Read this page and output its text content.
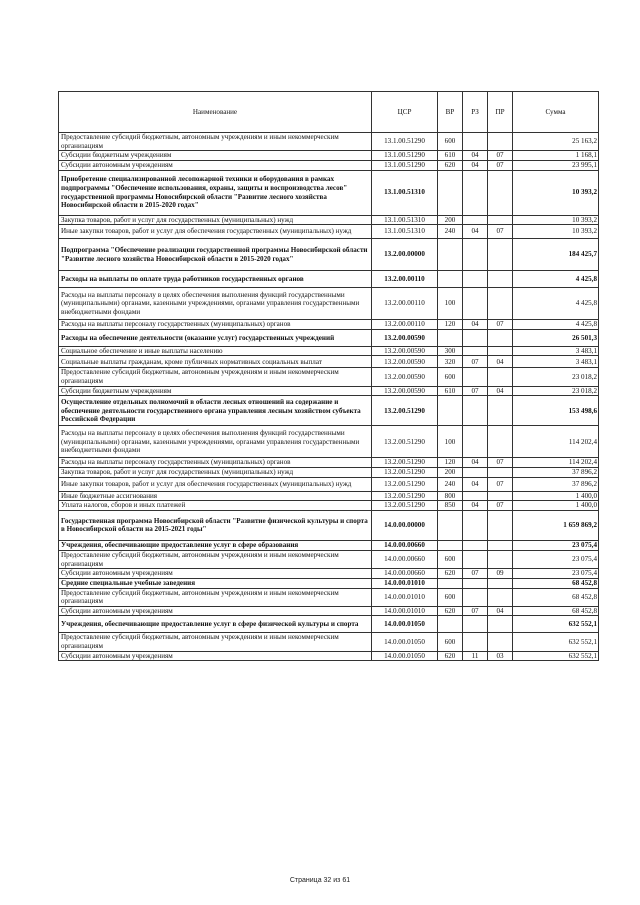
Наименование	ЦСР	ВР	РЗ	ПР	Сумма
Предоставление субсидий бюджетным, автономным учреждениям и иным некоммерческим организациям	13.1.00.51290	600			25 163,2
Субсидии бюджетным учреждениям	13.1.00.51290	610	04	07	1 168,1
Субсидии автономным учреждениям	13.1.00.51290	620	04	07	23 995,1
Приобретение специализированной лесопожарной техники и оборудования в рамках подпрограммы "Обеспечение использования, охраны, защиты и воспроизводства лесов" государственной программы Новосибирской области "Развитие лесного хозяйства Новосибирской области в 2015-2020 годах"	13.1.00.51310				10 393,2
Закупка товаров, работ и услуг для государственных (муниципальных) нужд	13.1.00.51310	200			10 393,2
Иные закупки товаров, работ и услуг для обеспечения государственных (муниципальных) нужд	13.1.00.51310	240	04	07	10 393,2
Подпрограмма "Обеспечение реализации государственной программы Новосибирской области "Развитие лесного хозяйства Новосибирской области в 2015-2020 годах"	13.2.00.00000				184 425,7
Расходы на выплаты по оплате труда работников государственных органов	13.2.00.00110				4 425,8
Расходы на выплаты персоналу в целях обеспечения выполнения функций государственными (муниципальными) органами, казенными учреждениями, органами управления государственными внебюджетными фондами	13.2.00.00110	100			4 425,8
Расходы на выплаты персоналу государственных (муниципальных) органов	13.2.00.00110	120	04	07	4 425,8
Расходы на обеспечение деятельности (оказание услуг) государственных учреждений	13.2.00.00590				26 501,3
Социальное обеспечение и иные выплаты населению	13.2.00.00590	300			3 483,1
Социальные выплаты гражданам, кроме публичных нормативных социальных выплат	13.2.00.00590	320	07	04	3 483,1
Предоставление субсидий бюджетным, автономным учреждениям и иным некоммерческим организациям	13.2.00.00590	600			23 018,2
Субсидии бюджетным учреждениям	13.2.00.00590	610	07	04	23 018,2
Осуществление отдельных полномочий в области лесных отношений на содержание и обеспечение деятельности государственного органа управления лесным хозяйством субъекта Российской Федерации	13.2.00.51290				153 498,6
Расходы на выплаты персоналу в целях обеспечения выполнения функций государственными (муниципальными) органами, казенными учреждениями, органами управления государственными внебюджетными фондами	13.2.00.51290	100			114 202,4
Расходы на выплаты персоналу государственных (муниципальных) органов	13.2.00.51290	120	04	07	114 202,4
Закупка товаров, работ и услуг для государственных (муниципальных) нужд	13.2.00.51290	200			37 896,2
Иные закупки товаров, работ и услуг для обеспечения государственных (муниципальных) нужд	13.2.00.51290	240	04	07	37 896,2
Иные бюджетные ассигнования	13.2.00.51290	800			1 400,0
Уплата налогов, сборов и иных платежей	13.2.00.51290	850	04	07	1 400,0
Государственная программа Новосибирской области "Развитие физической культуры и спорта в Новосибирской области на 2015-2021 годы"	14.0.00.00000				1 659 869,2
Учреждения, обеспечивающие предоставление услуг в сфере образования	14.0.00.00660				23 075,4
Предоставление субсидий бюджетным, автономным учреждениям и иным некоммерческим организациям	14.0.00.00660	600			23 075,4
Субсидии автономным учреждениям	14.0.00.00660	620	07	09	23 075,4
Средние специальные учебные заведения	14.0.00.01010				68 452,8
Предоставление субсидий бюджетным, автономным учреждениям и иным некоммерческим организациям	14.0.00.01010	600			68 452,8
Субсидии автономным учреждениям	14.0.00.01010	620	07	04	68 452,8
Учреждения, обеспечивающие предоставление услуг в сфере физической культуры и спорта	14.0.00.01050				632 552,1
Предоставление субсидий бюджетным, автономным учреждениям и иным некоммерческим организациям	14.0.00.01050	600			632 552,1
Субсидии автономным учреждениям	14.0.00.01050	620	11	03	632 552,1
Страница 32 из 61
